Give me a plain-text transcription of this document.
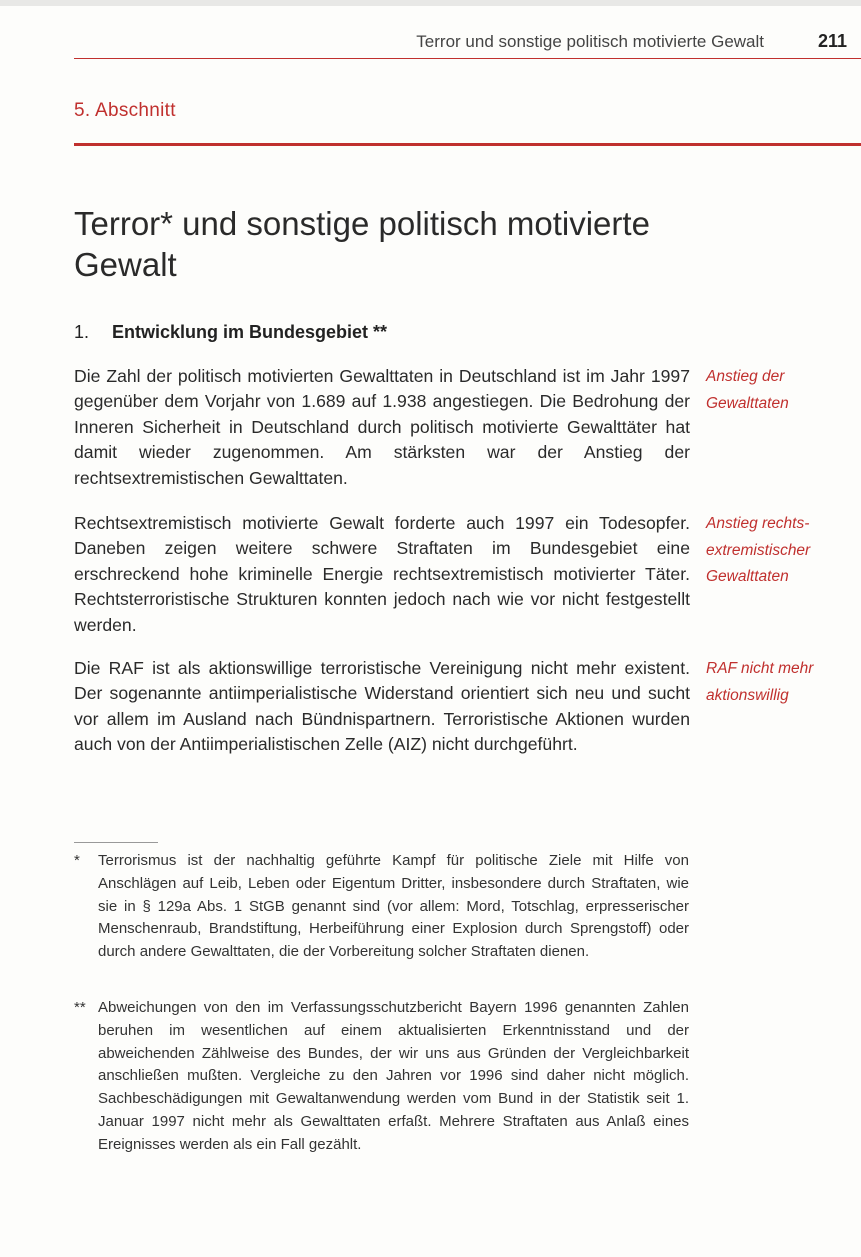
Terror und sonstige politisch motivierte Gewalt	211
5. Abschnitt
Terror* und sonstige politisch motivierte Gewalt
1. Entwicklung im Bundesgebiet **

Die Zahl der politisch motivierten Gewalttaten in Deutschland ist im Jahr 1997 gegenüber dem Vorjahr von 1.689 auf 1.938 angestiegen. Die Bedrohung der Inneren Sicherheit in Deutschland durch politisch motivierte Gewalttäter hat damit wieder zugenommen. Am stärksten war der Anstieg der rechtsextremistischen Gewalttaten.

Rechtsextremistisch motivierte Gewalt forderte auch 1997 ein Todesopfer. Daneben zeigen weitere schwere Straftaten im Bundesgebiet eine erschreckend hohe kriminelle Energie rechtsextremistisch motivierter Täter. Rechtsterroristische Strukturen konnten jedoch nach wie vor nicht festgestellt werden.

Die RAF ist als aktionswillige terroristische Vereinigung nicht mehr existent. Der sogenannte antiimperialistische Widerstand orientiert sich neu und sucht vor allem im Ausland nach Bündnispartnern. Terroristische Aktionen wurden auch von der Antiimperialistischen Zelle (AIZ) nicht durchgeführt.

Anstieg der
Gewalttaten
Anstieg rechts-
extremistischer
Gewalttaten
RAF nicht mehr
aktionswillig
*	Terrorismus ist der nachhaltig geführte Kampf für politische Ziele mit Hilfe von Anschlägen auf Leib, Leben oder Eigentum Dritter, insbesondere durch Straftaten, wie sie in § 129a Abs. 1 StGB genannt sind (vor allem: Mord, Totschlag, erpresserischer Menschenraub, Brandstiftung, Herbeiführung einer Explosion durch Sprengstoff) oder durch andere Gewalttaten, die der Vorbereitung solcher Straftaten dienen.
** Abweichungen von den im Verfassungsschutzbericht Bayern 1996 genannten Zahlen beruhen im wesentlichen auf einem aktualisierten Erkenntnisstand und der abweichenden Zählweise des Bundes, der wir uns aus Gründen der Vergleichbarkeit anschließen mußten. Vergleiche zu den Jahren vor 1996 sind daher nicht möglich. Sachbeschädigungen mit Gewaltanwendung werden vom Bund in der Statistik seit 1. Januar 1997 nicht mehr als Gewalttaten erfaßt. Mehrere Straftaten aus Anlaß eines Ereignisses werden als ein Fall gezählt.
